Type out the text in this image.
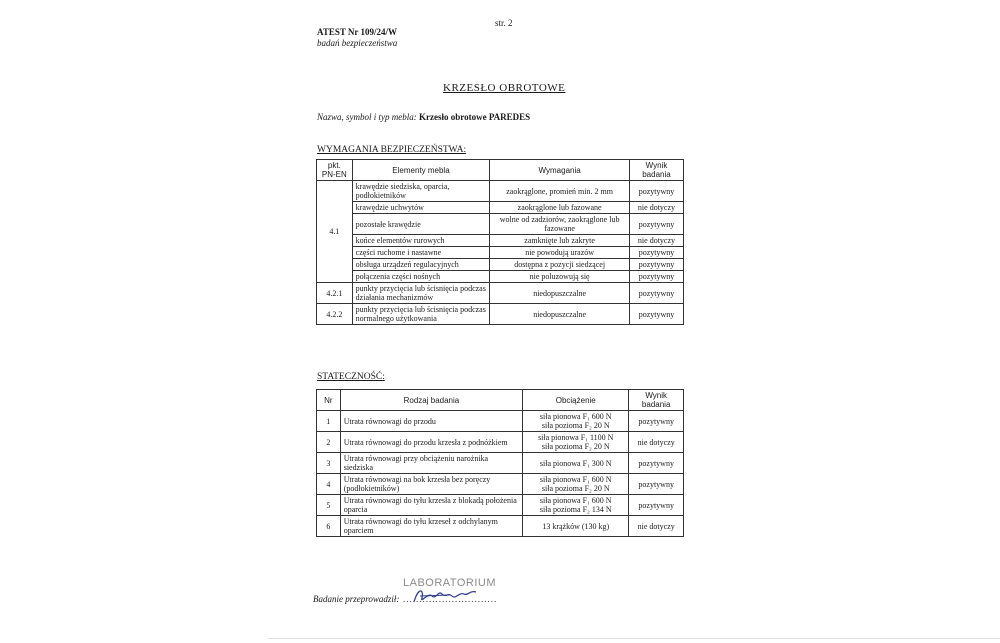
str. 2
ATEST Nr 109/24/W
badań bezpieczeństwa
KRZESŁO OBROTOWE
Nazwa, symbol i typ mebla: Krzesło obrotowe PAREDES
WYMAGANIA BEZPIECZEŃSTWA:
pkt. PN-EN	Elementy mebla	Wymagania	Wynik badania
4.1	krawędzie siedziska, oparcia, podłokietników	zaokrąglone, promień min. 2 mm	pozytywny
	krawędzie uchwytów	zaokrąglone lub fazowane	nie dotyczy
	pozostałe krawędzie	wolne od zadziorów, zaokrąglone lub fazowane	pozytywny
	końce elementów rurowych	zamknięte lub zakryte	nie dotyczy
	części ruchome i nastawne	nie powodują urazów	pozytywny
	obsługa urządzeń regulacyjnych	dostępna z pozycji siedzącej	pozytywny
	połączenia części nośnych	nie poluzowują się	pozytywny
4.2.1	punkty przycięcia lub ścisnięcia podczas działania mechanizmów	niedopuszczalne	pozytywny
4.2.2	punkty przycięcia lub ścisnięcia podczas normalnego użytkowania	niedopuszczalne	pozytywny
STATECZNOŚĆ:
Nr	Rodzaj badania	Obciążenie	Wynik badania
1	Utrata równowagi do przodu	siła pionowa F₁ 600 N
siła pozioma F₂ 20 N	pozytywny
2	Utrata równowagi do przodu krzesła z podnóżkiem	siła pionowa F₁ 1100 N
siła pozioma F₂ 20 N	nie dotyczy
3	Utrata równowagi przy obciążeniu narożnika siedziska	siła pionowa F₁ 300 N	pozytywny
4	Utrata równowagi na bok krzesła bez poręczy (podłokietników)	siła pionowa F₁ 600 N
siła pozioma F₂ 20 N	pozytywny
5	Utrata równowagi do tyłu krzesła z blokadą położenia oparcia	siła pionowa F₁ 600 N
siła pozioma F₂ 134 N	pozytywny
6	Utrata równowagi do tyłu krzeseł z odchylanym oparciem	13 krążków (130 kg)	nie dotyczy
LABORATORIUM
Badanie przeprowadził: .............................
